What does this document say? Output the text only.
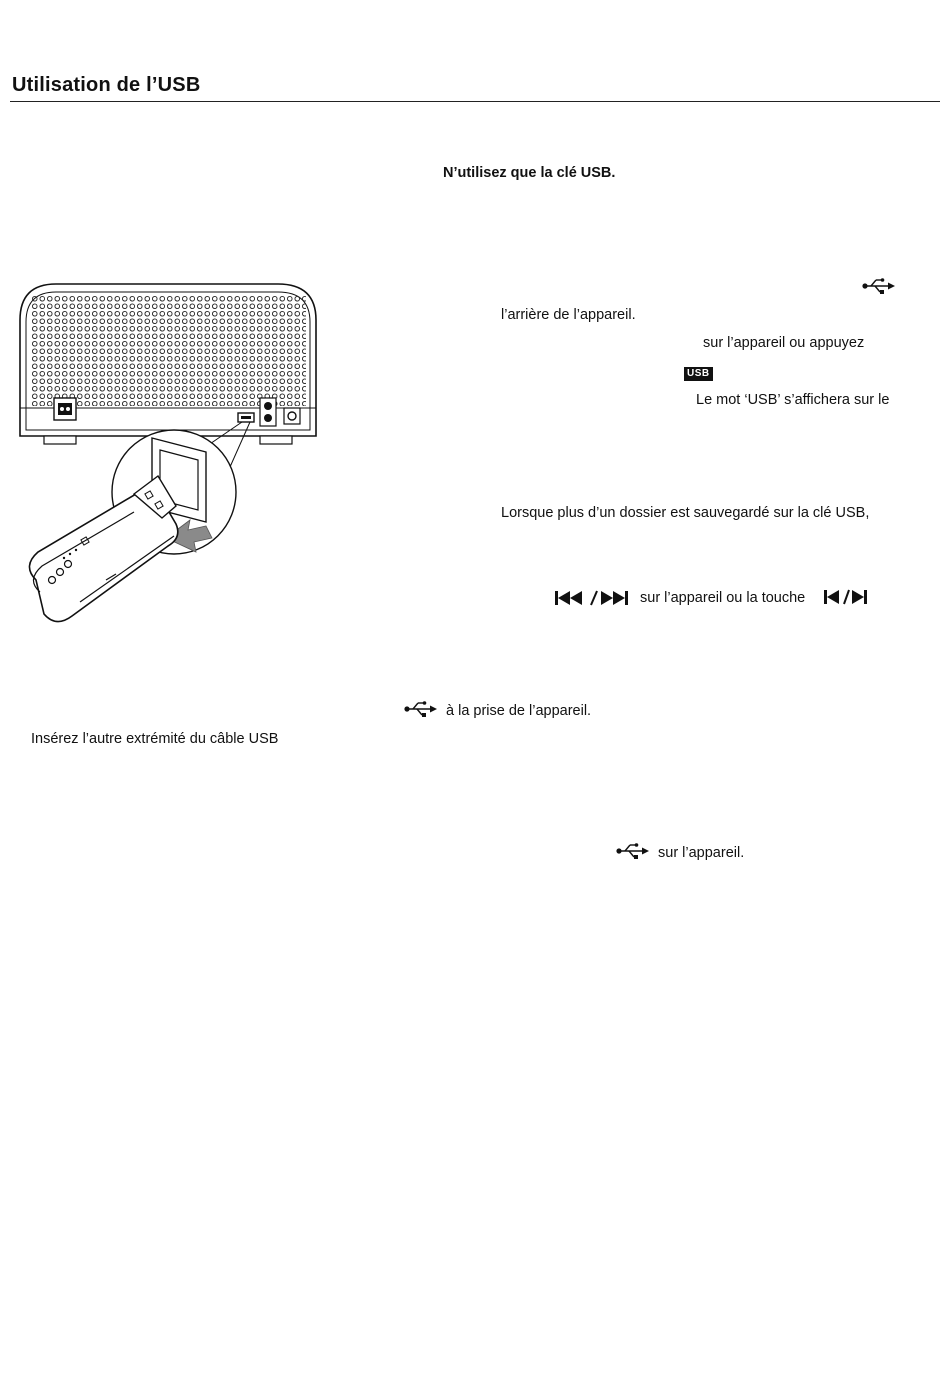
Utilisation de l’USB
N’utilisez que la clé USB.
l’arrière de l’appareil.
sur l’appareil ou appuyez
USB
Le mot ‘USB’ s’affichera sur le
Lorsque plus d’un dossier est sauvegardé sur la clé USB,
sur l’appareil ou la touche
à la prise de l’appareil.
Insérez l’autre extrémité du câble USB
sur l’appareil.
